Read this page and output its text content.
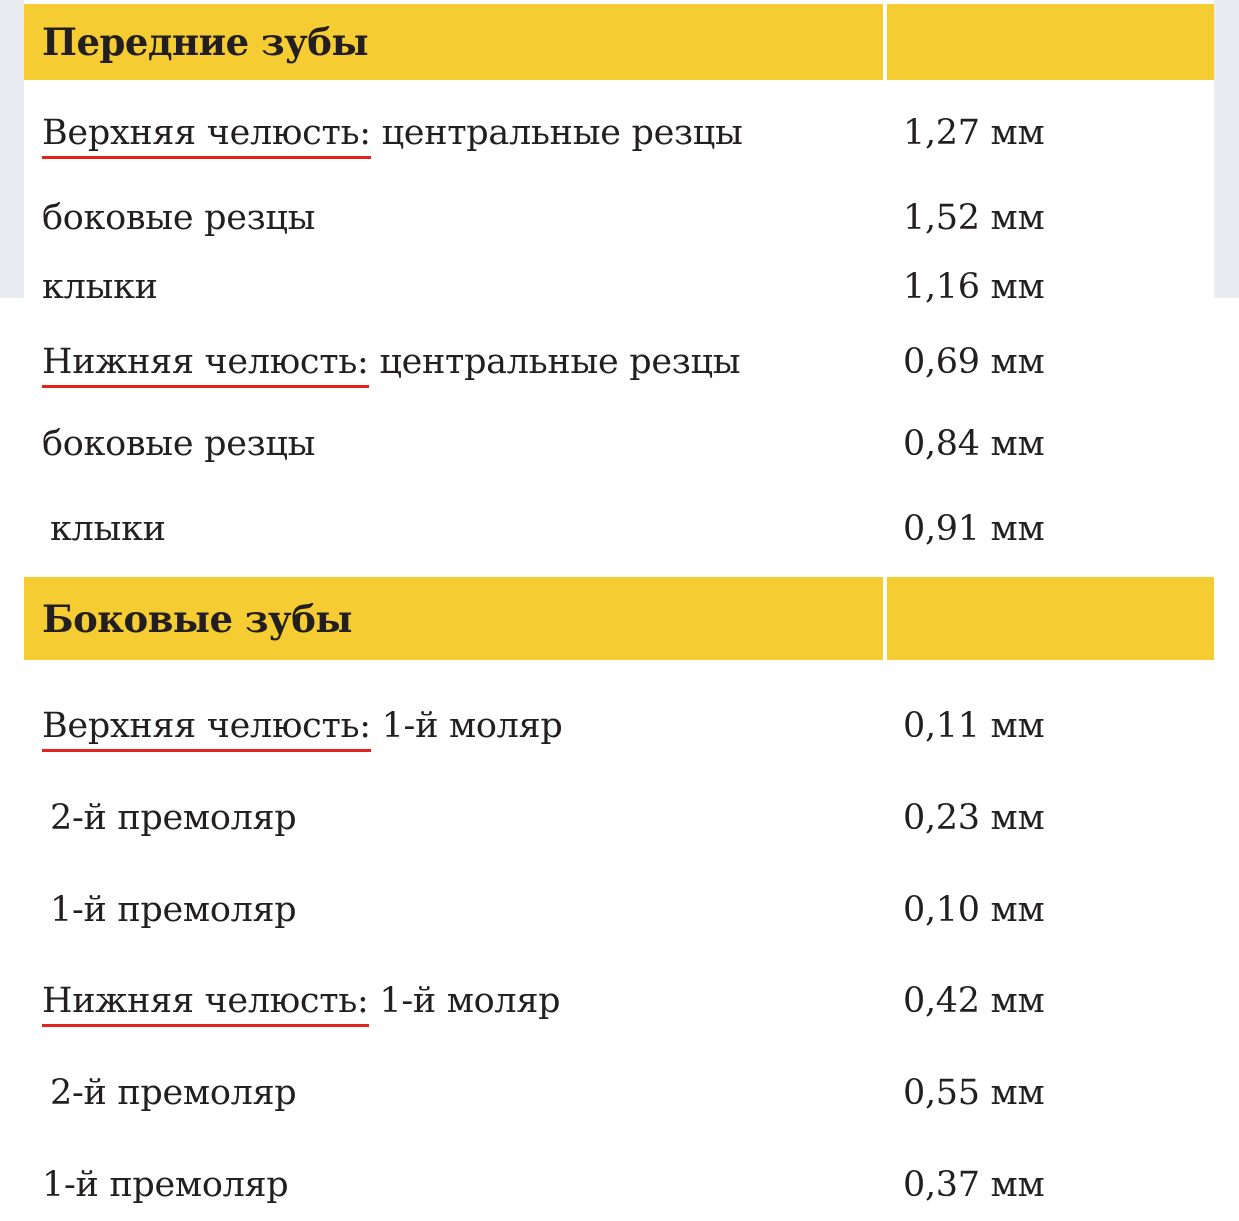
Передние зубы
Верхняя челюсть: центральные резцы	1,27 мм
боковые резцы	1,52 мм
клыки	1,16 мм
Нижняя челюсть: центральные резцы	0,69 мм
боковые резцы	0,84 мм
клыки	0,91 мм
Боковые зубы
Верхняя челюсть: 1-й моляр	0,11 мм
2-й премоляр	0,23 мм
1-й премоляр	0,10 мм
Нижняя челюсть: 1-й моляр	0,42 мм
2-й премоляр	0,55 мм
1-й премоляр	0,37 мм
